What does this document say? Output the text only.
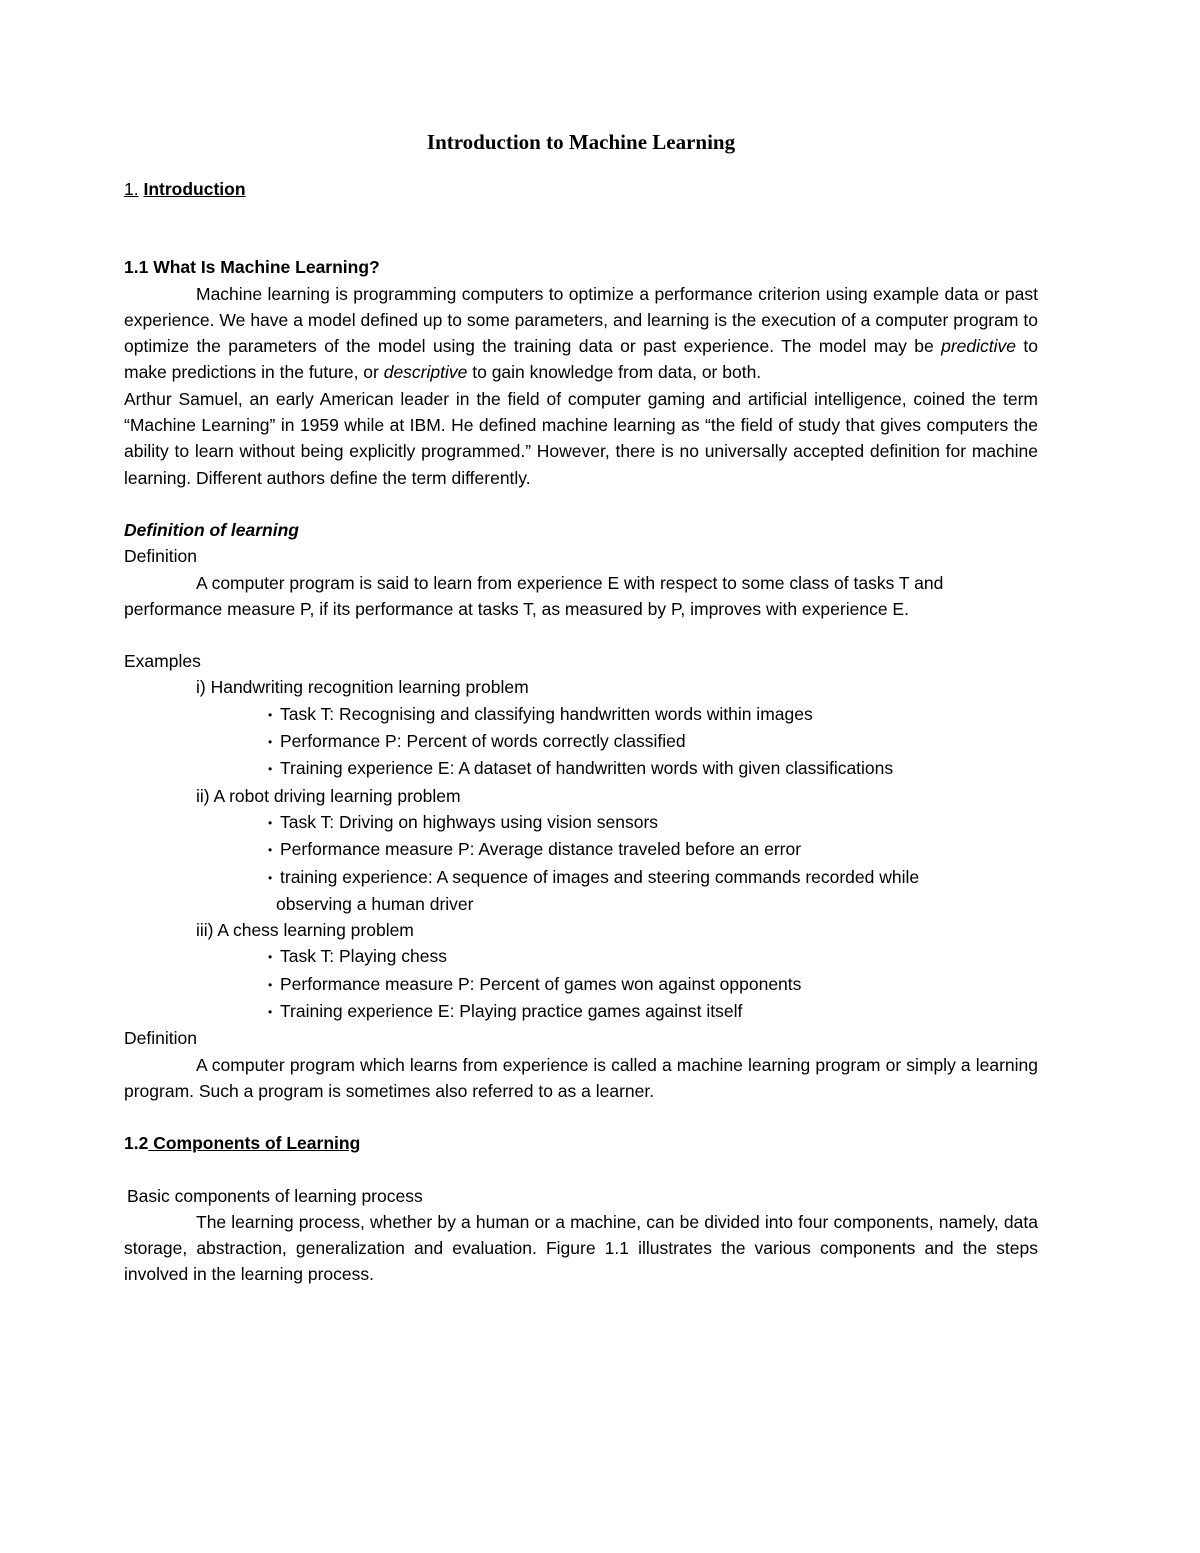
Introduction to Machine Learning
1. Introduction
1.1 What Is Machine Learning?

Machine learning is programming computers to optimize a performance criterion using example data or past experience. We have a model defined up to some parameters, and learning is the execution of a computer program to optimize the parameters of the model using the training data or past experience. The model may be predictive to make predictions in the future, or descriptive to gain knowledge from data, or both.

Arthur Samuel, an early American leader in the field of computer gaming and artificial intelligence, coined the term “Machine Learning” in 1959 while at IBM. He defined machine learning as “the field of study that gives computers the ability to learn without being explicitly programmed.” However, there is no universally accepted definition for machine learning. Different authors define the term differently.

Definition of learning

Definition

A computer program is said to learn from experience E with respect to some class of tasks T and performance measure P, if its performance at tasks T, as measured by P, improves with experience E.

Examples

i) Handwriting recognition learning problem

• Task T: Recognising and classifying handwritten words within images

• Performance P: Percent of words correctly classified

• Training experience E: A dataset of handwritten words with given classifications

ii) A robot driving learning problem

• Task T: Driving on highways using vision sensors

• Performance measure P: Average distance traveled before an error

• training experience: A sequence of images and steering commands recorded while
observing a human driver

iii) A chess learning problem

• Task T: Playing chess

• Performance measure P: Percent of games won against opponents

• Training experience E: Playing practice games against itself

Definition

A computer program which learns from experience is called a machine learning program or simply a learning program. Such a program is sometimes also referred to as a learner.

1.2 Components of Learning

Basic components of learning process

The learning process, whether by a human or a machine, can be divided into four components, namely, data storage, abstraction, generalization and evaluation. Figure 1.1 illustrates the various components and the steps involved in the learning process.
